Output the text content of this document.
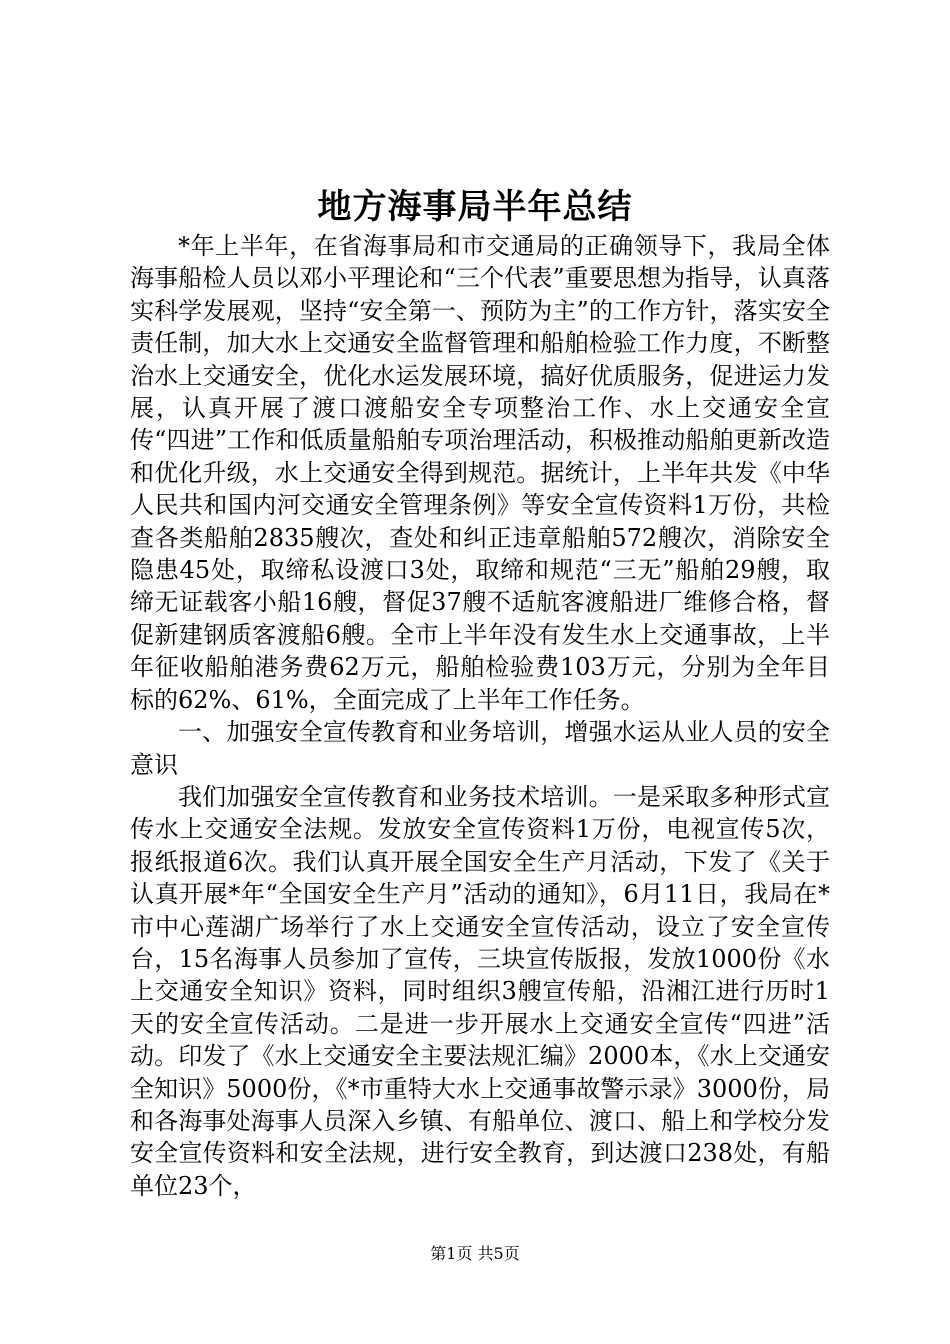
地方海事局半年总结

*年上半年，在省海事局和市交通局的正确领导下，我局全体海事船检人员以邓小平理论和“三个代表”重要思想为指导，认真落实科学发展观，坚持“安全第一、预防为主”的工作方针，落实安全责任制，加大水上交通安全监督管理和船舶检验工作力度，不断整治水上交通安全，优化水运发展环境，搞好优质服务，促进运力发展，认真开展了渡口渡船安全专项整治工作、水上交通安全宣传“四进”工作和低质量船舶专项治理活动，积极推动船舶更新改造和优化升级，水上交通安全得到规范。据统计，上半年共发《中华人民共和国内河交通安全管理条例》等安全宣传资料1万份，共检查各类船舶2835艘次，查处和纠正违章船舶572艘次，消除安全隐患45处，取缔私设渡口3处，取缔和规范“三无”船舶29艘，取缔无证载客小船16艘，督促37艘不适航客渡船进厂维修合格，督促新建钢质客渡船6艘。全市上半年没有发生水上交通事故，上半年征收船舶港务费62万元，船舶检验费103万元，分别为全年目标的62%、61%，全面完成了上半年工作任务。

一、加强安全宣传教育和业务培训，增强水运从业人员的安全意识

我们加强安全宣传教育和业务技术培训。一是采取多种形式宣传水上交通安全法规。发放安全宣传资料1万份，电视宣传5次，报纸报道6次。我们认真开展全国安全生产月活动，下发了《关于认真开展*年“全国安全生产月”活动的通知》，6月11日，我局在*市中心莲湖广场举行了水上交通安全宣传活动，设立了安全宣传台，15名海事人员参加了宣传，三块宣传版报，发放1000份《水上交通安全知识》资料，同时组织3艘宣传船，沿湘江进行历时1天的安全宣传活动。二是进一步开展水上交通安全宣传“四进”活动。印发了《水上交通安全主要法规汇编》2000本，《水上交通安全知识》5000份，《*市重特大水上交通事故警示录》3000份，局和各海事处海事人员深入乡镇、有船单位、渡口、船上和学校分发安全宣传资料和安全法规，进行安全教育，到达渡口238处，有船单位23个，

第1页 共5页
